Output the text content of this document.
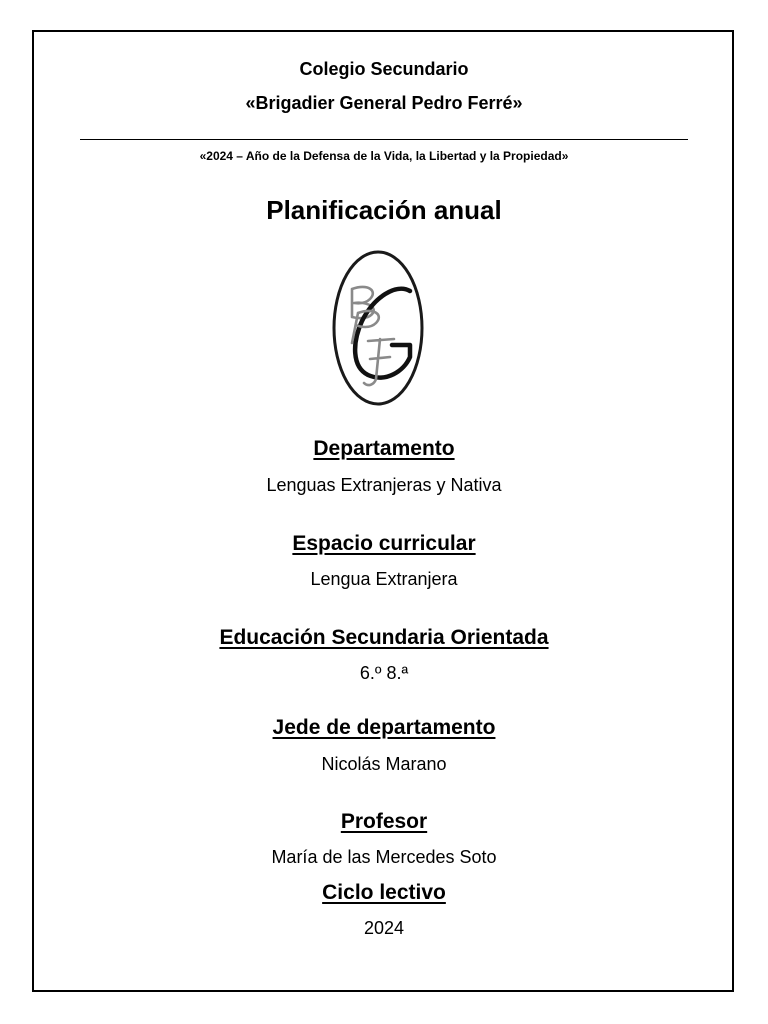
Colegio Secundario
«Brigadier General Pedro Ferré»
«2024 – Año de la Defensa de la Vida, la Libertad y la Propiedad»
Planificación anual
BGPF
Departamento
Lenguas Extranjeras y Nativa
Espacio curricular
Lengua Extranjera
Educación Secundaria Orientada
6.º 8.ª
Jede de departamento
Nicolás Marano
Profesor
María de las Mercedes Soto
Ciclo lectivo
2024
